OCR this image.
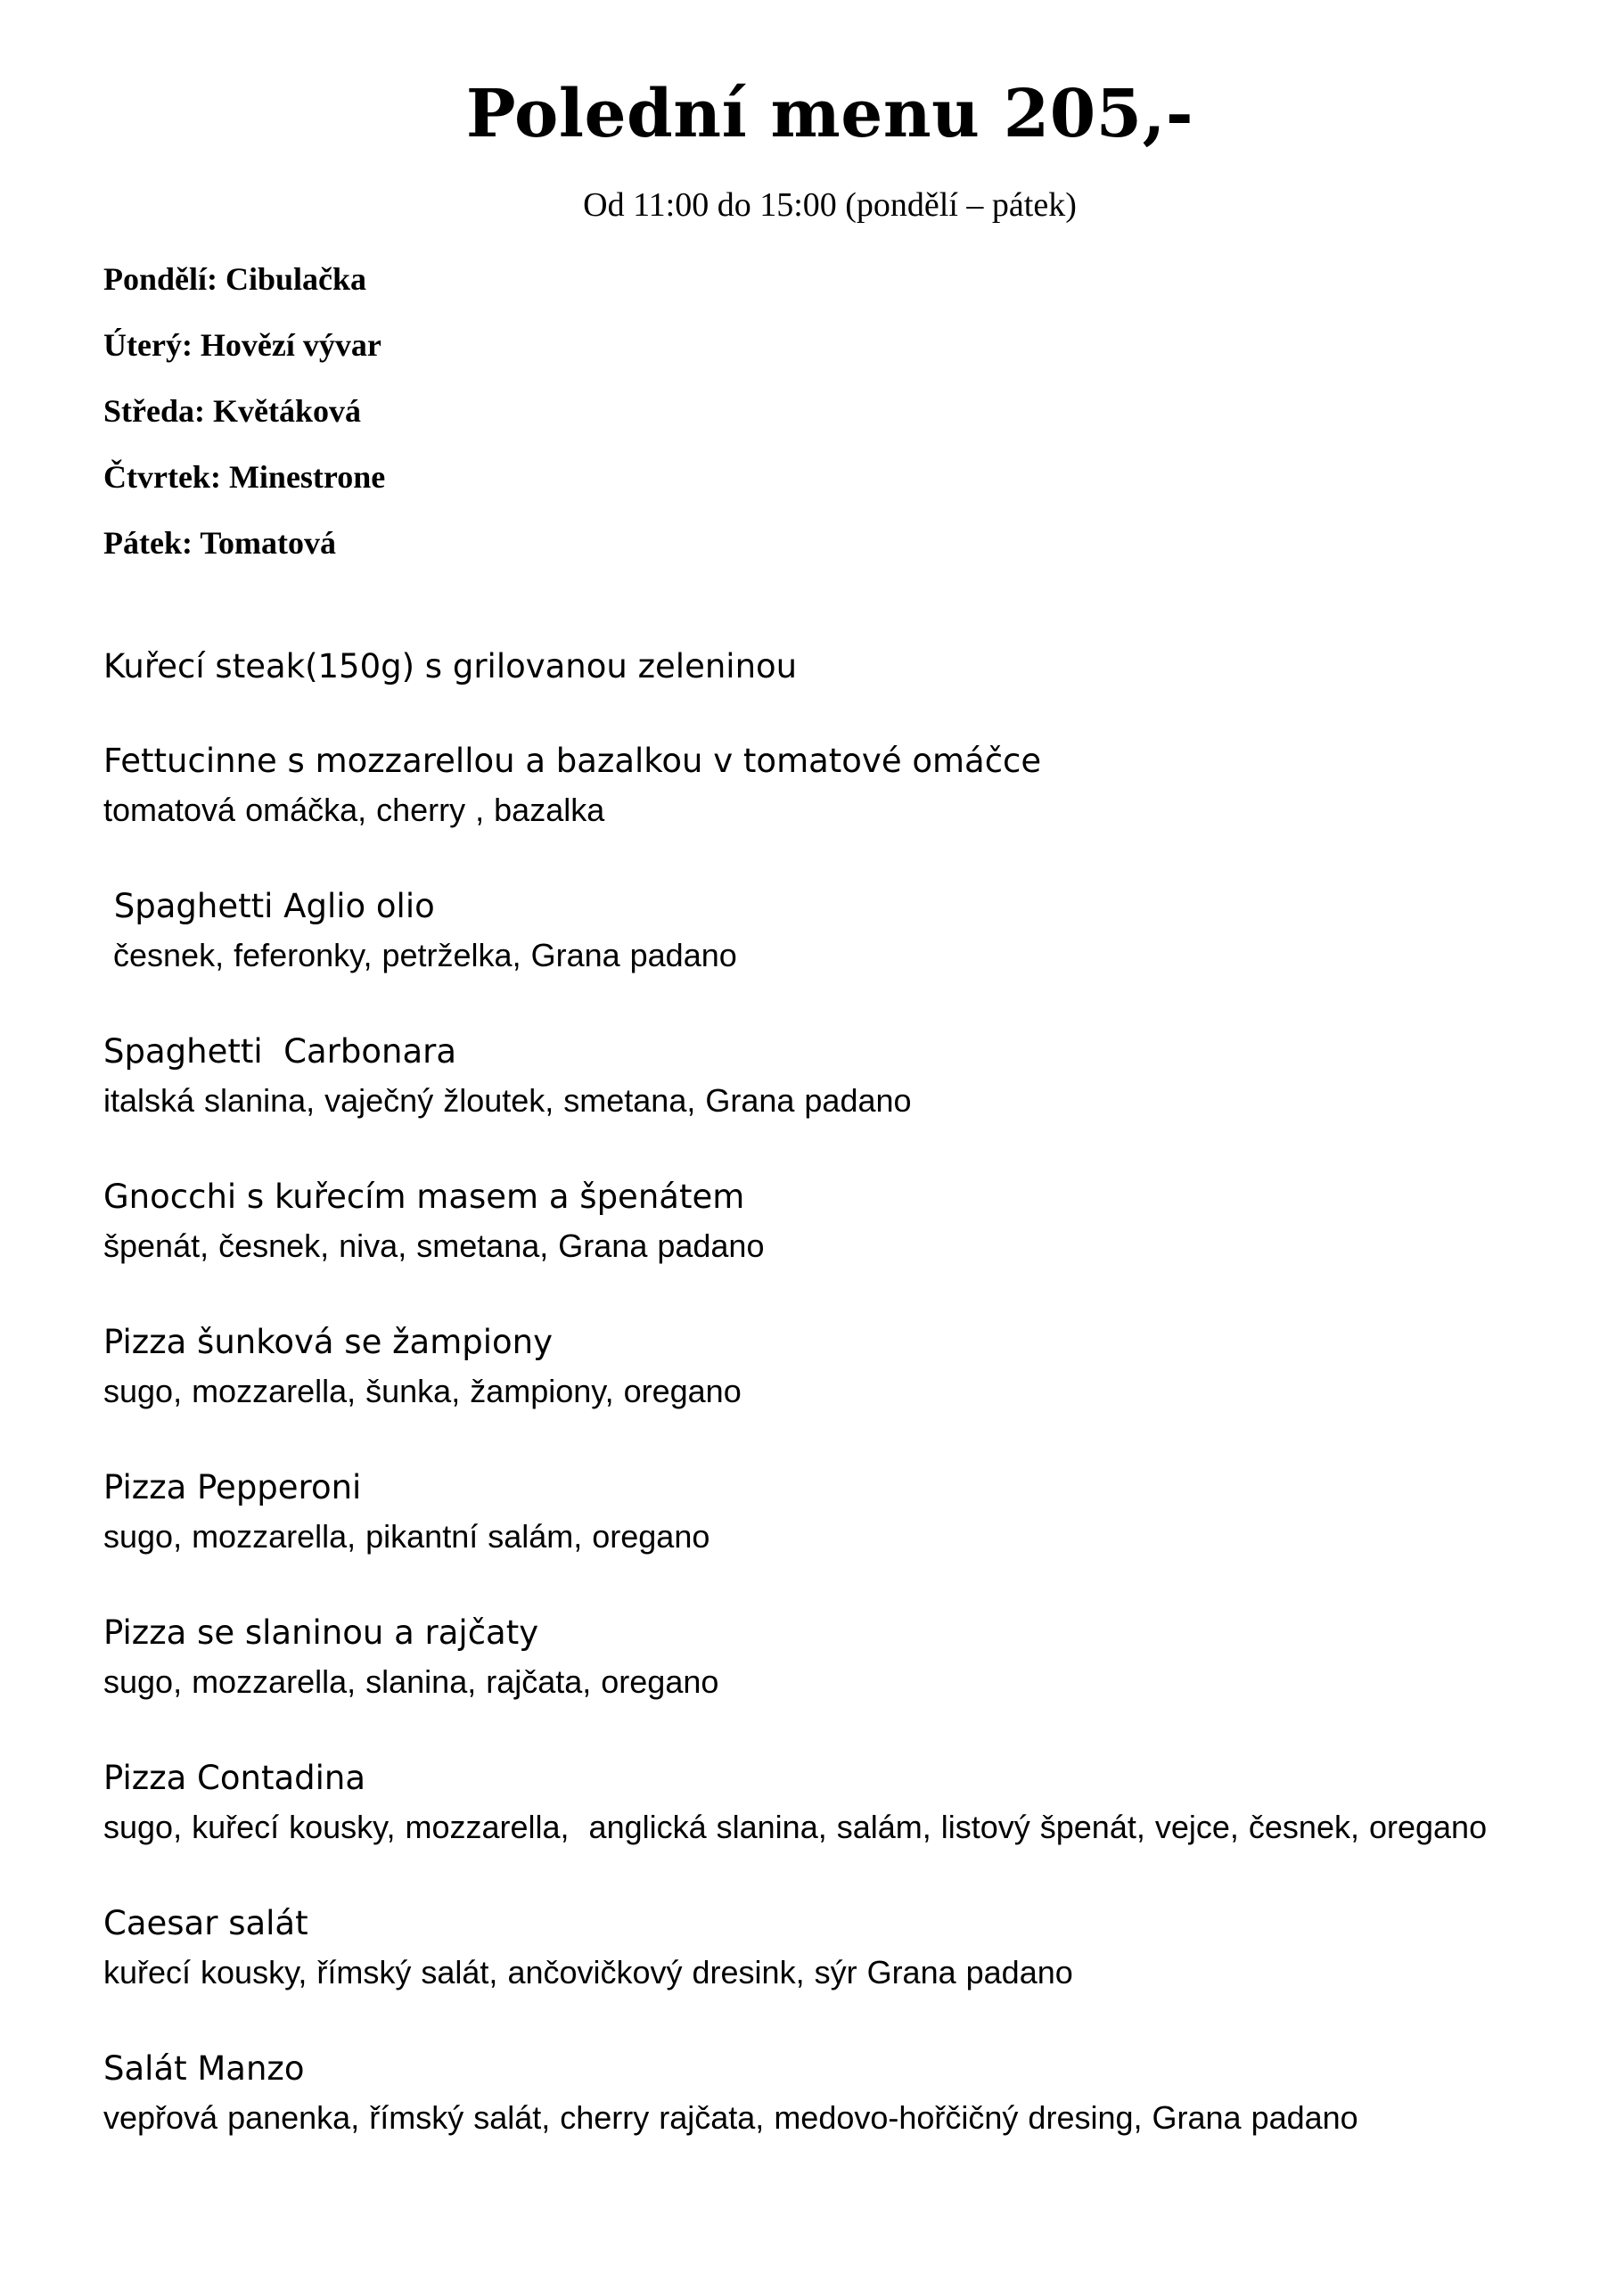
Polední menu 205,-
Od 11:00 do 15:00 (pondělí – pátek)
Pondělí: Cibulačka
Úterý: Hovězí vývar
Středa: Květáková
Čtvrtek: Minestrone
Pátek: Tomatová
Kuřecí steak(150g) s grilovanou zeleninou
Fettucinne s mozzarellou a bazalkou v tomatové omáčce
tomatová omáčka, cherry , bazalka
Spaghetti Aglio olio
česnek, feferonky, petrželka, Grana padano
Spaghetti  Carbonara
italská slanina, vaječný žloutek, smetana, Grana padano
Gnocchi s kuřecím masem a špenátem
špenát, česnek, niva, smetana, Grana padano
Pizza šunková se žampiony
sugo, mozzarella, šunka, žampiony, oregano
Pizza Pepperoni
sugo, mozzarella, pikantní salám, oregano
Pizza se slaninou a rajčaty
sugo, mozzarella, slanina, rajčata, oregano
Pizza Contadina
sugo, kuřecí kousky, mozzarella,  anglická slanina, salám, listový špenát, vejce, česnek, oregano
Caesar salát
kuřecí kousky, římský salát, ančovičkový dresink, sýr Grana padano
Salát Manzo
vepřová panenka, římský salát, cherry rajčata, medovo-hořčičný dresing, Grana padano
